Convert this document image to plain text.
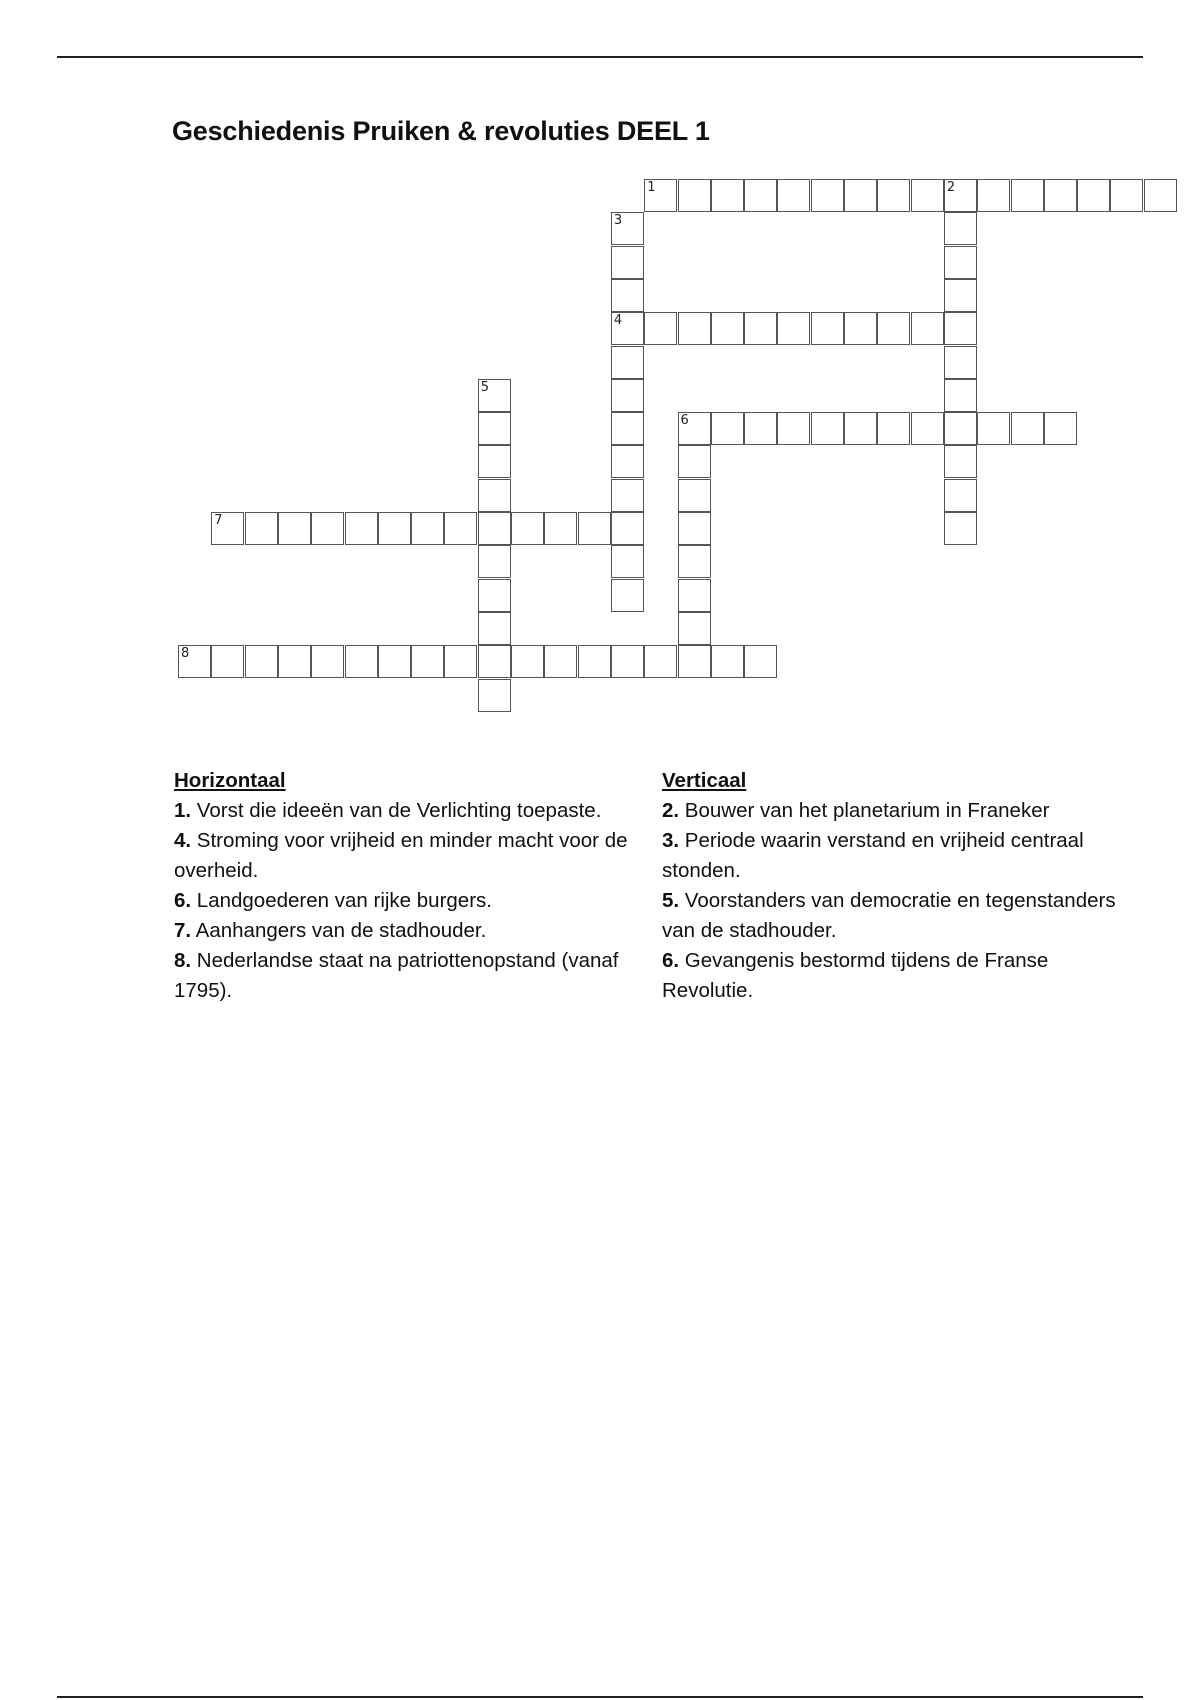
Geschiedenis Pruiken & revoluties DEEL 1
1	2
3
4
5
6
7
8
Horizontaal

1. Vorst die ideeën van de Verlichting toepaste.

4. Stroming voor vrijheid en minder macht voor de overheid.

6. Landgoederen van rijke burgers.

7. Aanhangers van de stadhouder.

8. Nederlandse staat na patriottenopstand (vanaf 1795).

Verticaal

2. Bouwer van het planetarium in Franeker

3. Periode waarin verstand en vrijheid centraal stonden.

5. Voorstanders van democratie en tegenstanders van de stadhouder.

6. Gevangenis bestormd tijdens de Franse Revolutie.
